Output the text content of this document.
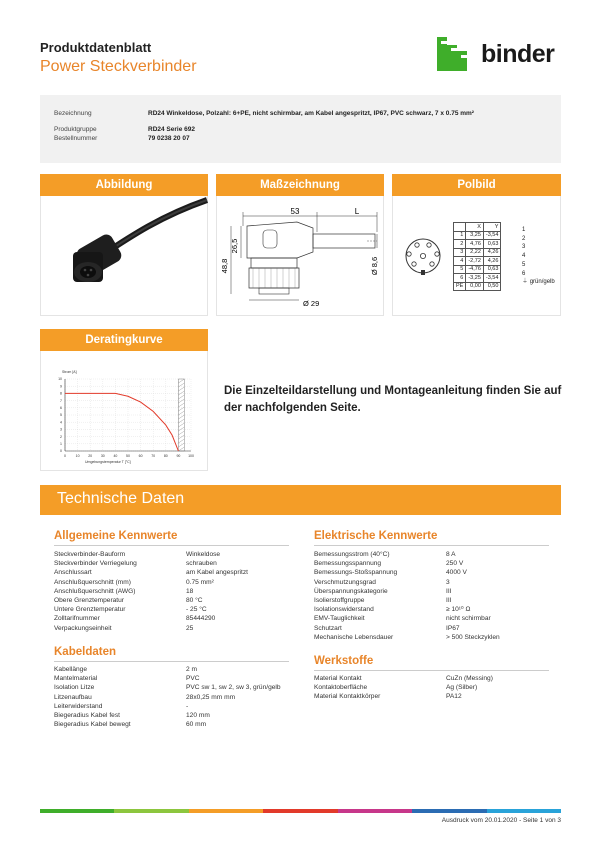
Produktdatenblatt
Power Steckverbinder	binder
Bezeichnung	RD24 Winkeldose, Polzahl: 6+PE, nicht schirmbar, am Kabel angespritzt, IP67, PVC schwarz, 7 x 0.75 mm²
Produktgruppe	RD24 Serie 692
Bestellnummer	79 0238 20 07
Abbildung	Maßzeichnung
53	L
26,5
48,8	Ø 8,6
Ø 29
Polbild
	X	Y
1	3,25	-3,54
2	4,76	0,63
3	2,22	4,26
4	-2,72	4,26
5	-4,76	0,63
6	-3,25	-3,54
PE	0,00	0,50
1
2
3
4
5
6
⏚ grün/gelb
Deratingkurve
0	10 20 30 40 50 60 70 80 90 100
0
1
2
3
4
5
6
7
8
9
10
Strom [A]
Umgebungstemperatur T [°C]
Die Einzelteildarstellung und Montageanleitung finden Sie auf der nachfolgenden Seite.
Technische Daten
Allgemeine Kennwerte
Steckverbinder-Bauform	Winkeldose
Steckverbinder Verriegelung	schrauben
Anschlussart	am Kabel angespritzt
Anschlußquerschnitt (mm)	0.75 mm²
Anschlußquerschnitt (AWG)	18
Obere Grenztemperatur	80 °C
Untere Grenztemperatur	- 25 °C
Zolltarifnummer	85444290
Verpackungseinheit	25
Kabeldaten
Kabellänge	2 m
Mantelmaterial	PVC
Isolation Litze	PVC sw 1, sw 2, sw 3, grün/gelb
Litzenaufbau	28x0,25 mm mm
Leiterwiderstand	-
Biegeradius Kabel fest	120 mm
Biegeradius Kabel bewegt	60 mm
Elektrische Kennwerte
Bemessungsstrom (40°C)	8 A
Bemessungsspannung	250 V
Bemessungs-Stoßspannung	4000 V
Verschmutzungsgrad	3
Überspannungskategorie	III
Isolierstoffgruppe	III
Isolationswiderstand	≥ 10¹⁰ Ω
EMV-Tauglichkeit	nicht schirmbar
Schutzart	IP67
Mechanische Lebensdauer	> 500 Steckzyklen
Werkstoffe
Material Kontakt	CuZn (Messing)
Kontaktoberfläche	Ag (Silber)
Material Kontaktkörper	PA12
Ausdruck vom 20.01.2020 - Seite 1 von 3
